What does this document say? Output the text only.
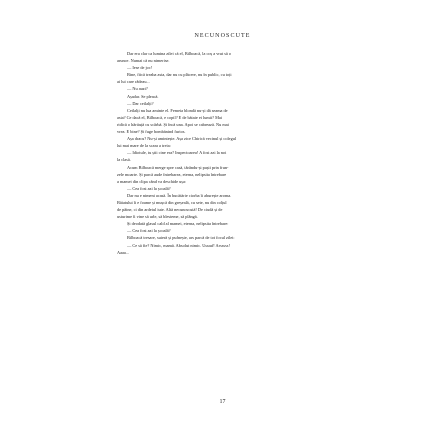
NECUNOSCUTE

Dar era clar ca lumina zilei că el, Bilboacă, la coș a vrut să o

arunce. Numai că nu nimerise.

— Iese de joc!

Bine, fiică treaba asta, dar nu cu plăcere, nu în public, cu toți

ai lui care râdeau...

— Nu auzi?

Așadar. Se pleacă.

— Dar ceilalți?

Ceilalți nu lua aminte el. Femeia blondă nu-și dă seama de

asta? Ce dacă el, Bilboacă, e copil? E de bătaie ei lumii? Mai

ridică o hârtiuță cu scârbă. Și încă una. Apoi se cabrează. Nu mai

vrea. E bine? Și fuge bombănind furios.

Așa dracu? Nu-și amintește. Așa zice Chirică vecinul și colegul

lui mai mare de la scara a treia:

— Idiotule, tu știi cine era? Inspectoarea! A fost azi la noi

la clasă.

Acum Bilboacă merge spre casă, târându-și pașii prin frun-

zele moarte. Și parcă aude întrebarea, eterna, nelipsita întrebare

a mamei din clipa când va deschide ușa:

— Cea fost azi la școală?

Dar nu e nimeni acasă. În bucătărie ciorba îi aburește aroma.

Băiatului îi e foame și mușcă din greșeală, cu sete, nu din colțul

de pâine, ci din ardeiul iute. Altă necunoscută! De ciudă și de

usturime îi vine să urle, să blesteme, să plângă.

Și deodată glasul cald al mamei, eterna, nelipsita întrebare:

— Cea fost azi la școală?

Bilboacă tresare, suieră și pufnește, ars parcă de tot focul zilei:

— Ce să fie? Nimic, mamă. Absolut nimic. Uuuuf! Arsssss!

Aaaa...

17
